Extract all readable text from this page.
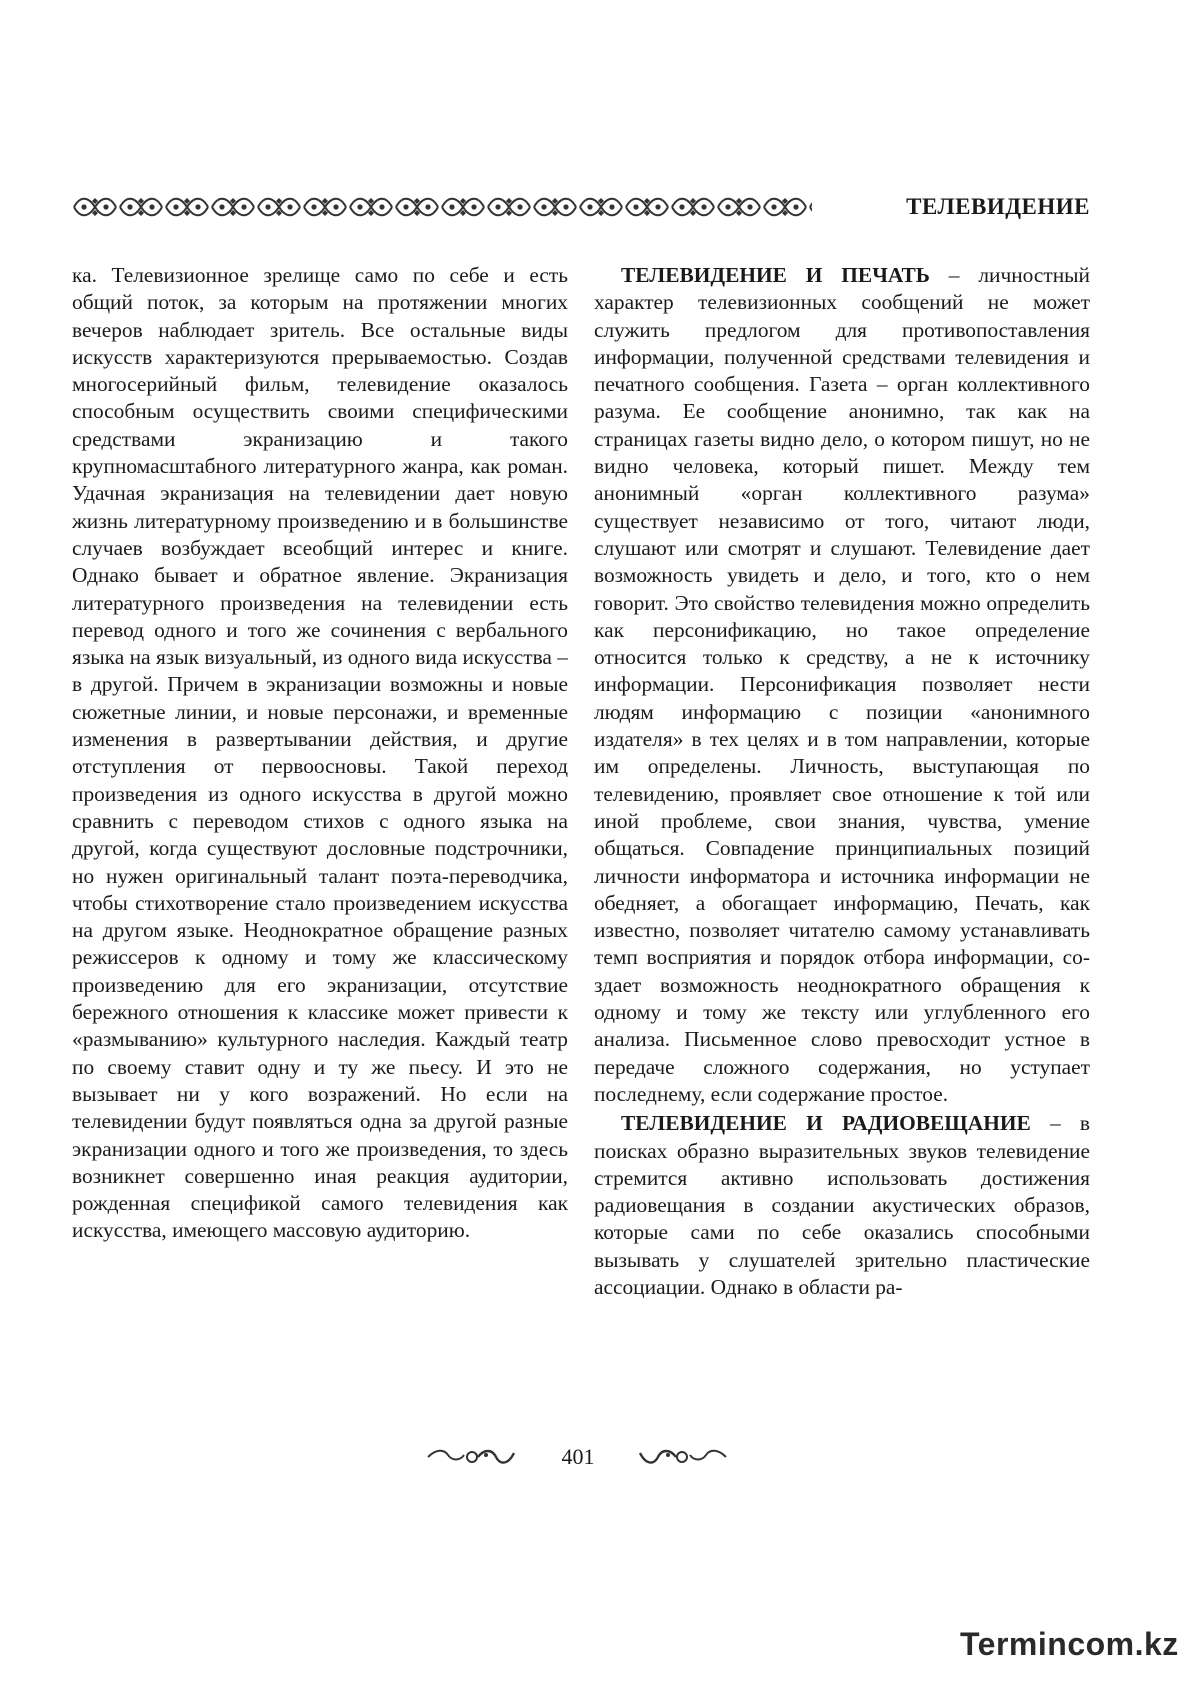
ТЕЛЕВИДЕНИЕ

ка. Телевизионное зрелище само по себе и есть общий поток, за которым на протяжении многих вечеров наблюдает зритель. Все остальные виды искусств характеризуются прерываемостью. Создав многосерийный фильм, телевидение оказалось способным осуществить своими специфическими средствами экранизацию и такого крупномасштабного литературного жанра, как роман. Удачная экранизация на телевидении дает новую жизнь литературному произведению и в большинстве случаев возбуждает всеобщий интерес и книге. Однако бывает и обратное явление. Экранизация литературного произведения на телевидении есть перевод одного и того же сочинения с вербального языка на язык визуальный, из одного вида искусства – в другой. Причем в экранизации возможны и новые сюжетные линии, и новые персонажи, и временные изменения в развертывании действия, и другие отступления от первоосновы. Такой переход произведения из одного искусства в другой можно сравнить с переводом стихов с одного языка на другой, когда существуют дословные подстрочники, но нужен оригинальный талант поэта-переводчика, чтобы стихотворение стало произведением искусства на другом языке. Неоднократное обращение разных режиссеров к одному и тому же классическому произведению для его экранизации, отсутствие бережного отношения к классике может привести к «размыванию» культурного наследия. Каждый театр по своему ставит одну и ту же пьесу. И это не вызывает ни у кого возражений. Но если на телевидении будут появляться одна за другой разные экранизации одного и того же произведения, то здесь возникнет совершенно иная реакция аудитории, рожденная спецификой самого телевидения как искусства, имеющего массовую аудиторию.

ТЕЛЕВИДЕНИЕ И ПЕЧАТЬ – личностный характер телевизионных сообщений не может служить предлогом для противопоставления информации, полученной средствами телевидения и печатного сообщения. Газета – орган коллективного разума. Ее сообщение анонимно, так как на страницах газеты видно дело, о котором пишут, но не видно человека, который пишет. Между тем анонимный «орган коллективного разума» существует независимо от того, читают люди, слушают или смотрят и слушают. Телевидение дает возможность увидеть и дело, и того, кто о нем говорит. Это свойство телевидения можно определить как персонификацию, но такое определение относится только к средству, а не к источнику информации. Персонификация позволяет нести людям информацию с позиции «анонимного издателя» в тех целях и в том направлении, которые им определены. Личность, выступающая по телевидению, проявляет свое отношение к той или иной проблеме, свои знания, чувства, умение общаться. Совпадение принципиальных позиций личности информатора и источника информации не обедняет, а обогащает информацию, Печать, как известно, позволяет читателю самому устанавливать темп восприятия и порядок отбора информации, создает возможность неоднократного обращения к одному и тому же тексту или углубленного его анализа. Письменное слово превосходит устное в передаче сложного содержания, но уступает последнему, если содержание простое.

ТЕЛЕВИДЕНИЕ И РАДИОВЕЩАНИЕ – в поисках образно выразительных звуков телевидение стремится активно использовать достижения радиовещания в создании акустических образов, которые сами по себе оказались способными вызывать у слушателей зрительно пластические ассоциации. Однако в области ра-

401
Termincom.kz
